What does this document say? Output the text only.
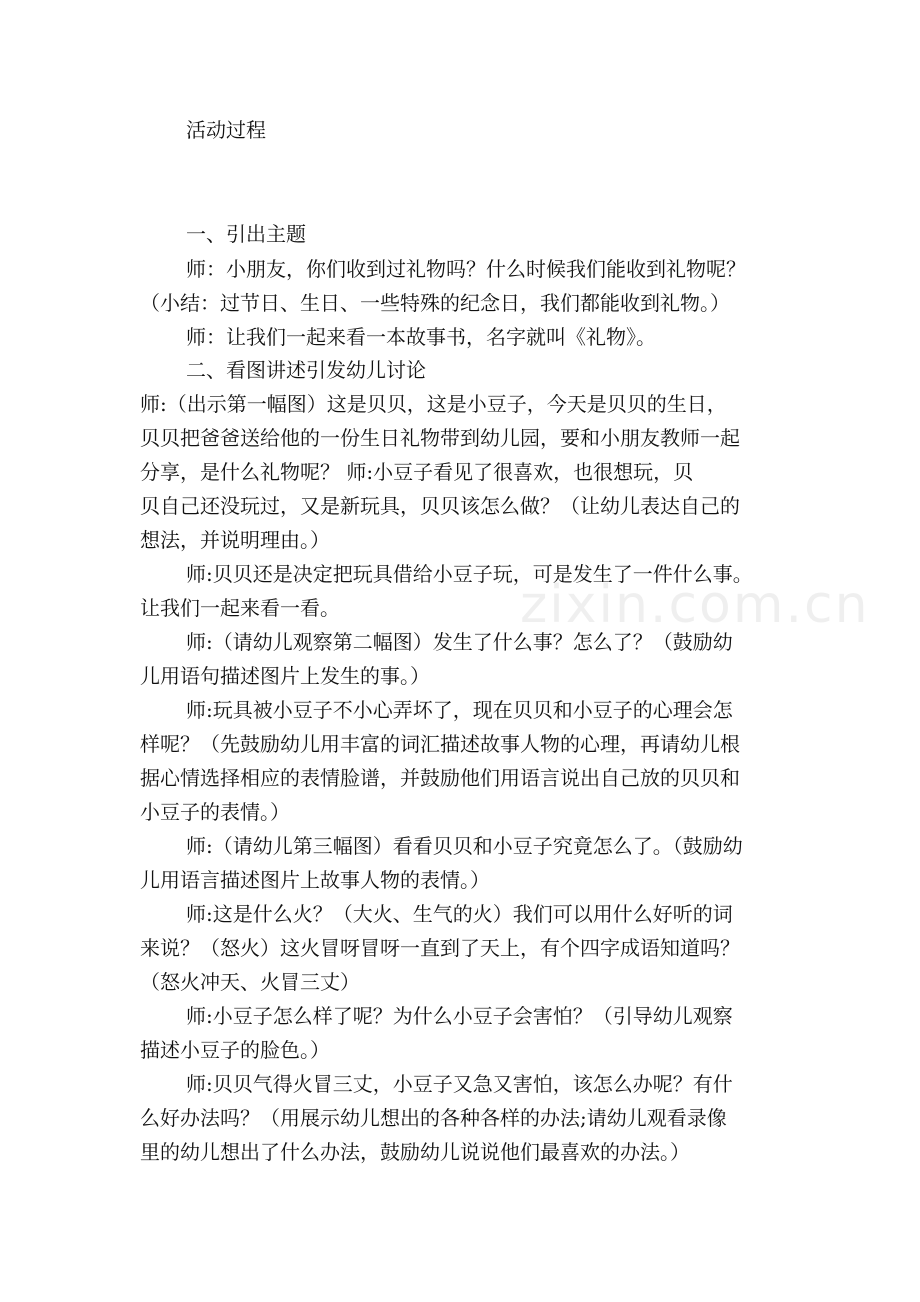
zixin.com.cn
活动过程
一、引出主题
师：小朋友，你们收到过礼物吗？什么时候我们能收到礼物呢？
（小结：过节日、生日、一些特殊的纪念日，我们都能收到礼物。）
师：让我们一起来看一本故事书，名字就叫《礼物》。
二、看图讲述引发幼儿讨论
师:（出示第一幅图）这是贝贝，这是小豆子，今天是贝贝的生日，
贝贝把爸爸送给他的一份生日礼物带到幼儿园，要和小朋友教师一起
分享，是什么礼物呢？ 师:小豆子看见了很喜欢，也很想玩，贝
贝自己还没玩过，又是新玩具，贝贝该怎么做？（让幼儿表达自己的
想法，并说明理由。）
师:贝贝还是决定把玩具借给小豆子玩，可是发生了一件什么事。
让我们一起来看一看。
师:（请幼儿观察第二幅图）发生了什么事？怎么了？（鼓励幼
儿用语句描述图片上发生的事。）
师:玩具被小豆子不小心弄坏了，现在贝贝和小豆子的心理会怎
样呢？（先鼓励幼儿用丰富的词汇描述故事人物的心理，再请幼儿根
据心情选择相应的表情脸谱，并鼓励他们用语言说出自己放的贝贝和
小豆子的表情。）
师:（请幼儿第三幅图）看看贝贝和小豆子究竟怎么了。（鼓励幼
儿用语言描述图片上故事人物的表情。）
师:这是什么火？（大火、生气的火）我们可以用什么好听的词
来说？（怒火）这火冒呀冒呀一直到了天上，有个四字成语知道吗？
（怒火冲天、火冒三丈）
师:小豆子怎么样了呢？为什么小豆子会害怕？（引导幼儿观察
描述小豆子的脸色。）
师:贝贝气得火冒三丈，小豆子又急又害怕，该怎么办呢？有什
么好办法吗？（用展示幼儿想出的各种各样的办法;请幼儿观看录像
里的幼儿想出了什么办法，鼓励幼儿说说他们最喜欢的办法。）
